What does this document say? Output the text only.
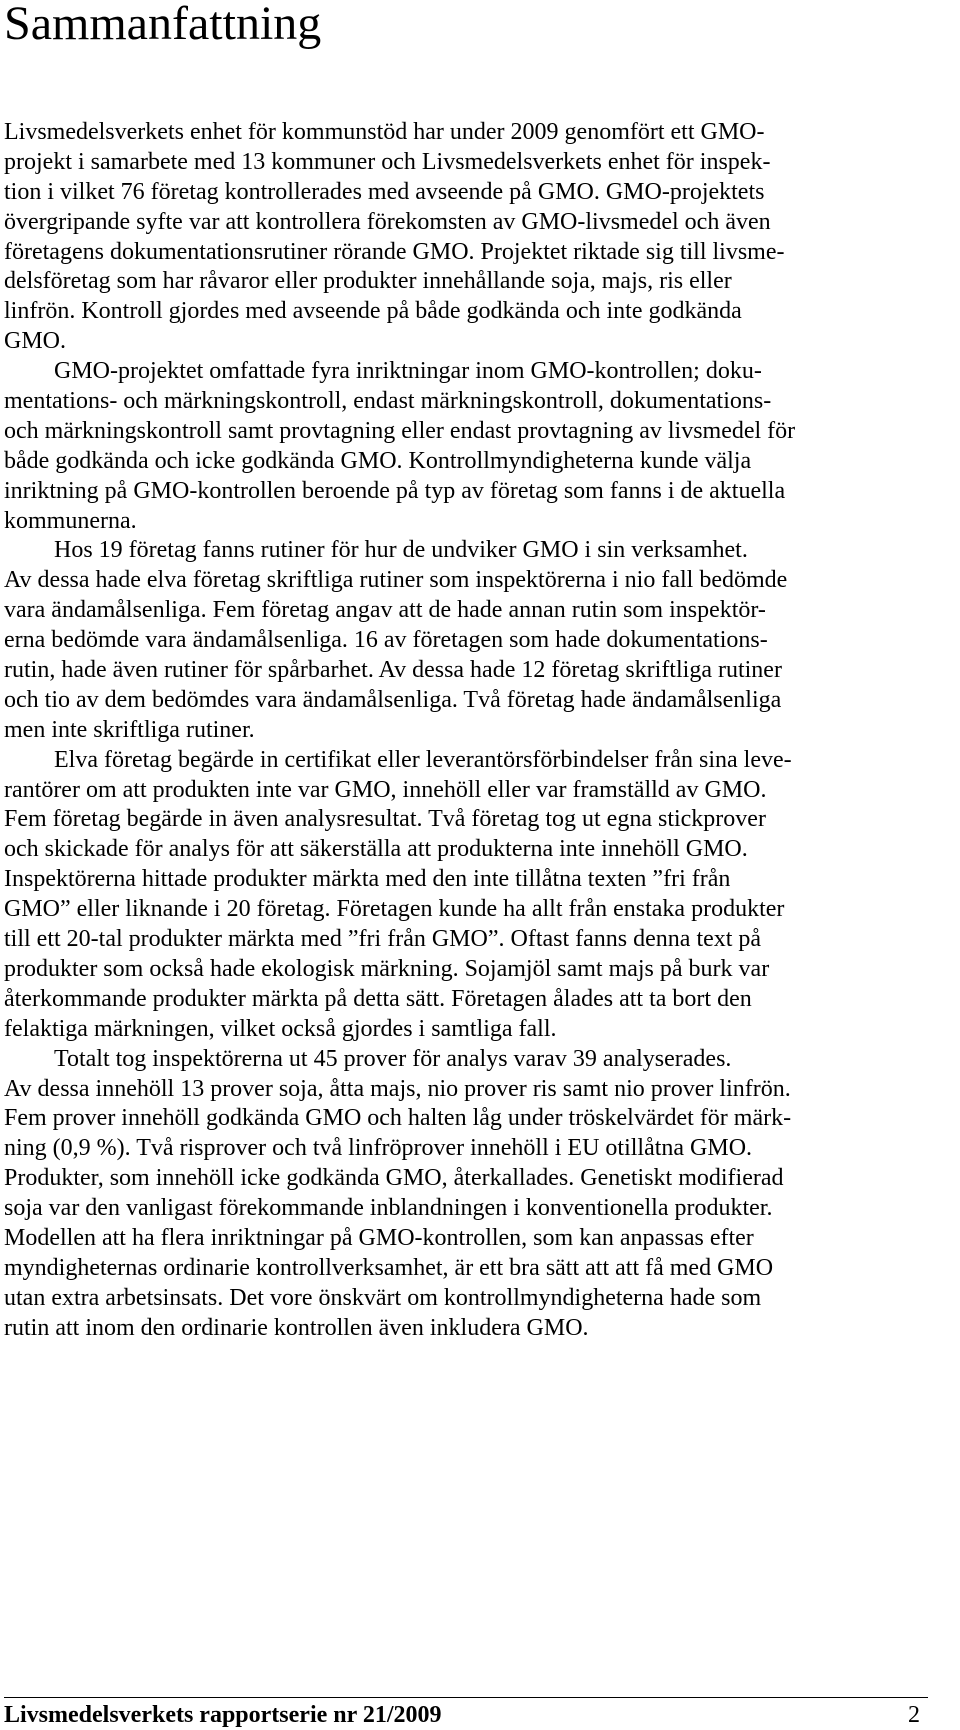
Sammanfattning
Livsmedelsverkets enhet för kommunstöd har under 2009 genomfört ett GMO-
projekt i samarbete med 13 kommuner och Livsmedelsverkets enhet för inspek-
tion i vilket 76 företag kontrollerades med avseende på GMO. GMO-projektets
övergripande syfte var att kontrollera förekomsten av GMO-livsmedel och även
företagens dokumentationsrutiner rörande GMO. Projektet riktade sig till livsme-
delsföretag som har råvaror eller produkter innehållande soja, majs, ris eller
linfrön. Kontroll gjordes med avseende på både godkända och inte godkända
GMO.
GMO-projektet omfattade fyra inriktningar inom GMO-kontrollen; doku-
mentations- och märkningskontroll, endast märkningskontroll, dokumentations-
och märkningskontroll samt provtagning eller endast provtagning av livsmedel för
både godkända och icke godkända GMO. Kontrollmyndigheterna kunde välja
inriktning på GMO-kontrollen beroende på typ av företag som fanns i de aktuella
kommunerna.
Hos 19 företag fanns rutiner för hur de undviker GMO i sin verksamhet.
Av dessa hade elva företag skriftliga rutiner som inspektörerna i nio fall bedömde
vara ändamålsenliga. Fem företag angav att de hade annan rutin som inspektör-
erna bedömde vara ändamålsenliga. 16 av företagen som hade dokumentations-
rutin, hade även rutiner för spårbarhet. Av dessa hade 12 företag skriftliga rutiner
och tio av dem bedömdes vara ändamålsenliga. Två företag hade ändamålsenliga
men inte skriftliga rutiner.
Elva företag begärde in certifikat eller leverantörsförbindelser från sina leve-
rantörer om att produkten inte var GMO, innehöll eller var framställd av GMO.
Fem företag begärde in även analysresultat. Två företag tog ut egna stickprover
och skickade för analys för att säkerställa att produkterna inte innehöll GMO.
Inspektörerna hittade produkter märkta med den inte tillåtna texten ”fri från
GMO” eller liknande i 20 företag. Företagen kunde ha allt från enstaka produkter
till ett 20-tal produkter märkta med ”fri från GMO”. Oftast fanns denna text på
produkter som också hade ekologisk märkning. Sojamjöl samt majs på burk var
återkommande produkter märkta på detta sätt. Företagen ålades att ta bort den
felaktiga märkningen, vilket också gjordes i samtliga fall.
Totalt tog inspektörerna ut 45 prover för analys varav 39 analyserades.
Av dessa innehöll 13 prover soja, åtta majs, nio prover ris samt nio prover linfrön.
Fem prover innehöll godkända GMO och halten låg under tröskelvärdet för märk-
ning (0,9 %). Två risprover och två linfröprover innehöll i EU otillåtna GMO.
Produkter, som innehöll icke godkända GMO, återkallades. Genetiskt modifierad
soja var den vanligast förekommande inblandningen i konventionella produkter.
Modellen att ha flera inriktningar på GMO-kontrollen, som kan anpassas efter
myndigheternas ordinarie kontrollverksamhet, är ett bra sätt att att få med GMO
utan extra arbetsinsats. Det vore önskvärt om kontrollmyndigheterna hade som
rutin att inom den ordinarie kontrollen även inkludera GMO.
Livsmedelsverkets rapportserie nr 21/2009	2
